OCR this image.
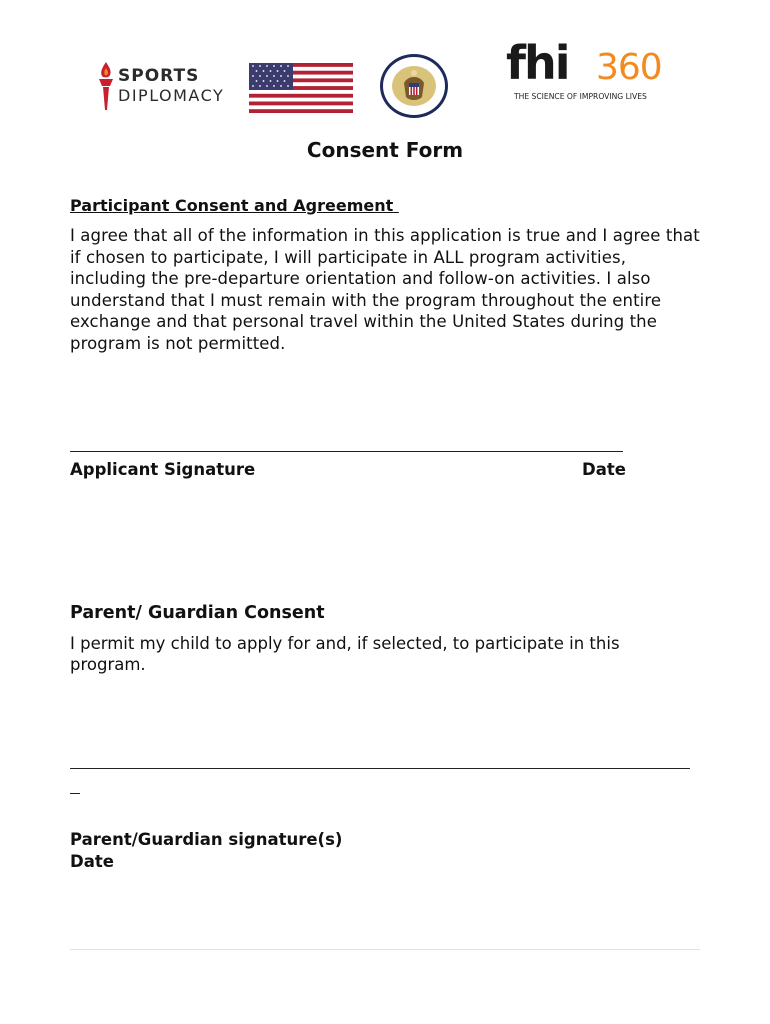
SPORTS
DIPLOMACY
fhi 360
THE SCIENCE OF IMPROVING LIVES
Consent Form
Participant Consent and Agreement
I agree that all of the information in this application is true and I agree that if chosen to participate, I will participate in ALL program activities, including the pre-departure orientation and follow-on activities. I also understand that I must remain with the program throughout the entire exchange and that personal travel within the United States during the program is not permitted.
Applicant Signature	Date
Parent/ Guardian Consent
I permit my child to apply for and, if selected, to participate in this program.
Parent/Guardian signature(s)
Date
